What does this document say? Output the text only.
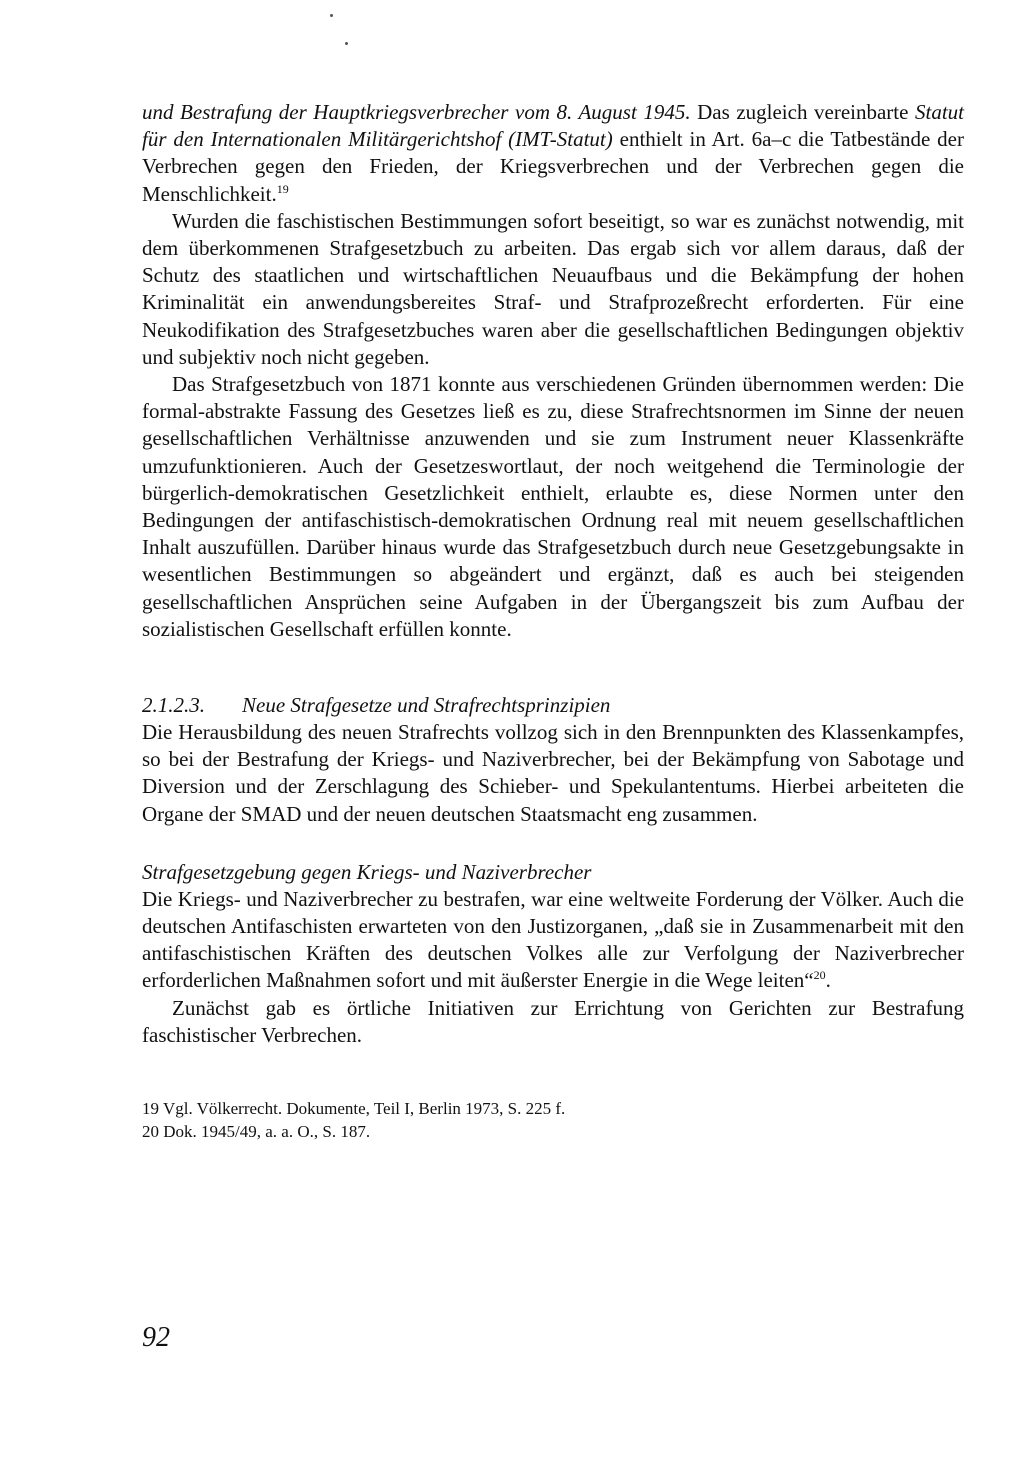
und Bestrafung der Hauptkriegsverbrecher vom 8. August 1945. Das zugleich vereinbarte Statut für den Internationalen Militärgerichtshof (IMT-Statut) enthielt in Art. 6a–c die Tatbestände der Verbrechen gegen den Frieden, der Kriegsverbrechen und der Verbrechen gegen die Menschlichkeit.$^{19}$

Wurden die faschistischen Bestimmungen sofort beseitigt, so war es zunächst notwendig, mit dem überkommenen Strafgesetzbuch zu arbeiten. Das ergab sich vor allem daraus, daß der Schutz des staatlichen und wirtschaftlichen Neuaufbaus und die Bekämpfung der hohen Kriminalität ein anwendungsbereites Straf- und Strafprozeßrecht erforderten. Für eine Neukodifikation des Strafgesetzbuches waren aber die gesellschaftlichen Bedingungen objektiv und subjektiv noch nicht gegeben.

Das Strafgesetzbuch von 1871 konnte aus verschiedenen Gründen übernommen werden: Die formal-abstrakte Fassung des Gesetzes ließ es zu, diese Strafrechtsnormen im Sinne der neuen gesellschaftlichen Verhältnisse anzuwenden und sie zum Instrument neuer Klassenkräfte umzufunktionieren. Auch der Gesetzeswortlaut, der noch weitgehend die Terminologie der bürgerlich-demokratischen Gesetzlichkeit enthielt, erlaubte es, diese Normen unter den Bedingungen der antifaschistisch-demokratischen Ordnung real mit neuem gesellschaftlichen Inhalt auszufüllen. Darüber hinaus wurde das Strafgesetzbuch durch neue Gesetzgebungsakte in wesentlichen Bestimmungen so abgeändert und ergänzt, daß es auch bei steigenden gesellschaftlichen Ansprüchen seine Aufgaben in der Übergangszeit bis zum Aufbau der sozialistischen Gesellschaft erfüllen konnte.

2.1.2.3. Neue Strafgesetze und Strafrechtsprinzipien

Die Herausbildung des neuen Strafrechts vollzog sich in den Brennpunkten des Klassenkampfes, so bei der Bestrafung der Kriegs- und Naziverbrecher, bei der Bekämpfung von Sabotage und Diversion und der Zerschlagung des Schieber- und Spekulantentums. Hierbei arbeiteten die Organe der SMAD und der neuen deutschen Staatsmacht eng zusammen.

Strafgesetzgebung gegen Kriegs- und Naziverbrecher

Die Kriegs- und Naziverbrecher zu bestrafen, war eine weltweite Forderung der Völker. Auch die deutschen Antifaschisten erwarteten von den Justizorganen, „daß sie in Zusammenarbeit mit den antifaschistischen Kräften des deutschen Volkes alle zur Verfolgung der Naziverbrecher erforderlichen Maßnahmen sofort und mit äußerster Energie in die Wege leiten“$^{20}$.

Zunächst gab es örtliche Initiativen zur Errichtung von Gerichten zur Bestrafung faschistischer Verbrechen.

19 Vgl. Völkerrecht. Dokumente, Teil I, Berlin 1973, S. 225 f.
20 Dok. 1945/49, a. a. O., S. 187.
92
